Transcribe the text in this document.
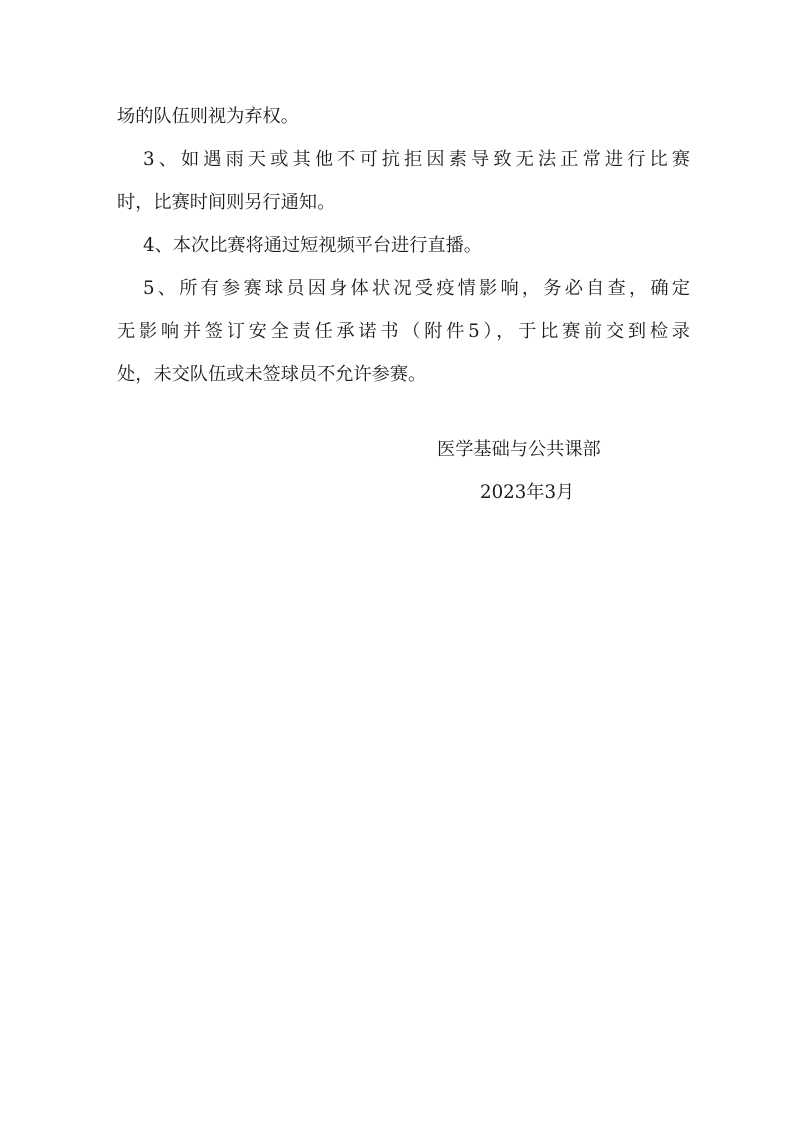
场的队伍则视为弃权。
3、如遇雨天或其他不可抗拒因素导致无法正常进行比赛
时，比赛时间则另行通知。
4、本次比赛将通过短视频平台进行直播。
5、所有参赛球员因身体状况受疫情影响，务必自查，确定
无影响并签订安全责任承诺书（附件5），于比赛前交到检录
处，未交队伍或未签球员不允许参赛。
医学基础与公共课部
2023年3月
